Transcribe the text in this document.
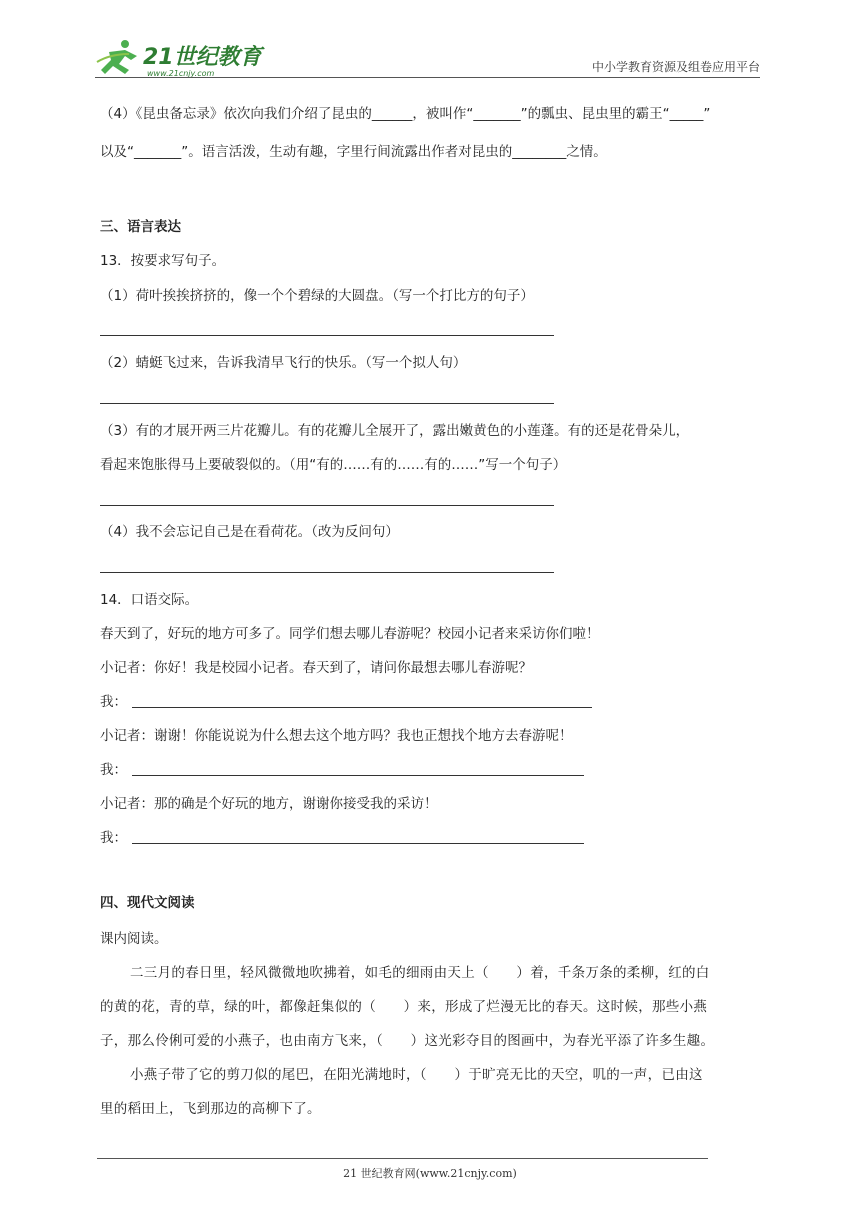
21世纪教育
www.21cnjy.com	中小学教育资源及组卷应用平台
（4）《昆虫备忘录》依次向我们介绍了昆虫的______，被叫作“_______”的瓢虫、昆虫里的霸王“_____”
以及“_______”。语言活泼，生动有趣，字里行间流露出作者对昆虫的________之情。
三、语言表达
13．按要求写句子。
（1）荷叶挨挨挤挤的，像一个个碧绿的大圆盘。（写一个打比方的句子）
（2）蜻蜓飞过来，告诉我清早飞行的快乐。（写一个拟人句）
（3）有的才展开两三片花瓣儿。有的花瓣儿全展开了，露出嫩黄色的小莲蓬。有的还是花骨朵儿，
看起来饱胀得马上要破裂似的。（用“有的……有的……有的……”写一个句子）
（4）我不会忘记自己是在看荷花。（改为反问句）
14．口语交际。
春天到了，好玩的地方可多了。同学们想去哪儿春游呢？校园小记者来采访你们啦！
小记者：你好！我是校园小记者。春天到了，请问你最想去哪儿春游呢？
我：
小记者：谢谢！你能说说为什么想去这个地方吗？我也正想找个地方去春游呢！
我：
小记者：那的确是个好玩的地方，谢谢你接受我的采访！
我：
四、现代文阅读
课内阅读。
二三月的春日里，轻风微微地吹拂着，如毛的细雨由天上（　　）着，千条万条的柔柳，红的白
的黄的花，青的草，绿的叶，都像赶集似的（　　）来，形成了烂漫无比的春天。这时候，那些小燕
子，那么伶俐可爱的小燕子，也由南方飞来，（　　）这光彩夺目的图画中，为春光平添了许多生趣。
小燕子带了它的剪刀似的尾巴，在阳光满地时，（　　）于旷亮无比的天空，叽的一声，已由这
里的稻田上，飞到那边的高柳下了。
21 世纪教育网(www.21cnjy.com)
